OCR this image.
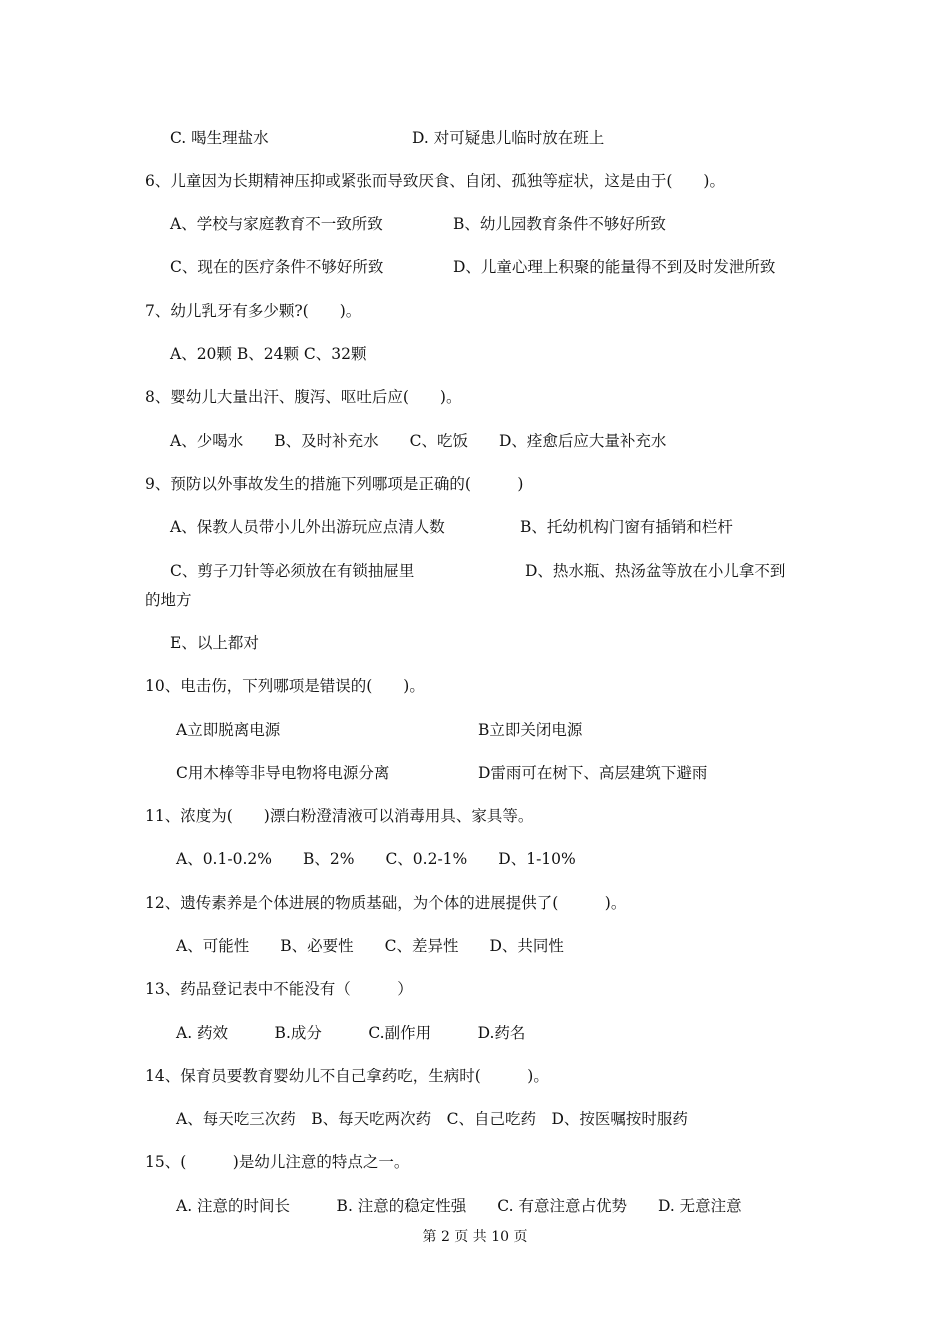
C. 喝生理盐水	D. 对可疑患儿临时放在班上
6、儿童因为长期精神压抑或紧张而导致厌食、自闭、孤独等症状，这是由于(　　)。
A、学校与家庭教育不一致所致	B、幼儿园教育条件不够好所致
C、现在的医疗条件不够好所致	D、儿童心理上积聚的能量得不到及时发泄所致
7、幼儿乳牙有多少颗?(　　)。
A、20颗 B、24颗 C、32颗
8、婴幼儿大量出汗、腹泻、呕吐后应(　　)。
A、少喝水　　B、及时补充水　　C、吃饭　　D、痊愈后应大量补充水
9、预防以外事故发生的措施下列哪项是正确的(　　　)
A、保教人员带小儿外出游玩应点清人数	B、托幼机构门窗有插销和栏杆
C、剪子刀针等必须放在有锁抽屉里	D、热水瓶、热汤盆等放在小儿拿不到
的地方
E、以上都对
10、电击伤，下列哪项是错误的(　　)。
A立即脱离电源	B立即关闭电源
C用木棒等非导电物将电源分离	D雷雨可在树下、高层建筑下避雨
11、浓度为(　　)漂白粉澄清液可以消毒用具、家具等。
A、0.1-0.2%　　B、2%　　C、0.2-1%　　D、1-10%
12、遗传素养是个体进展的物质基础，为个体的进展提供了(　　　)。
A、可能性　　B、必要性　　C、差异性　　D、共同性
13、药品登记表中不能没有（　　　）
A. 药效　　　B.成分　　　C.副作用　　　D.药名
14、保育员要教育婴幼儿不自己拿药吃，生病时(　　　)。
A、每天吃三次药　B、每天吃两次药　C、自己吃药　D、按医嘱按时服药
15、(　　　)是幼儿注意的特点之一。
A. 注意的时间长　　　B. 注意的稳定性强　　C. 有意注意占优势　　D. 无意注意
第 2 页 共 10 页
